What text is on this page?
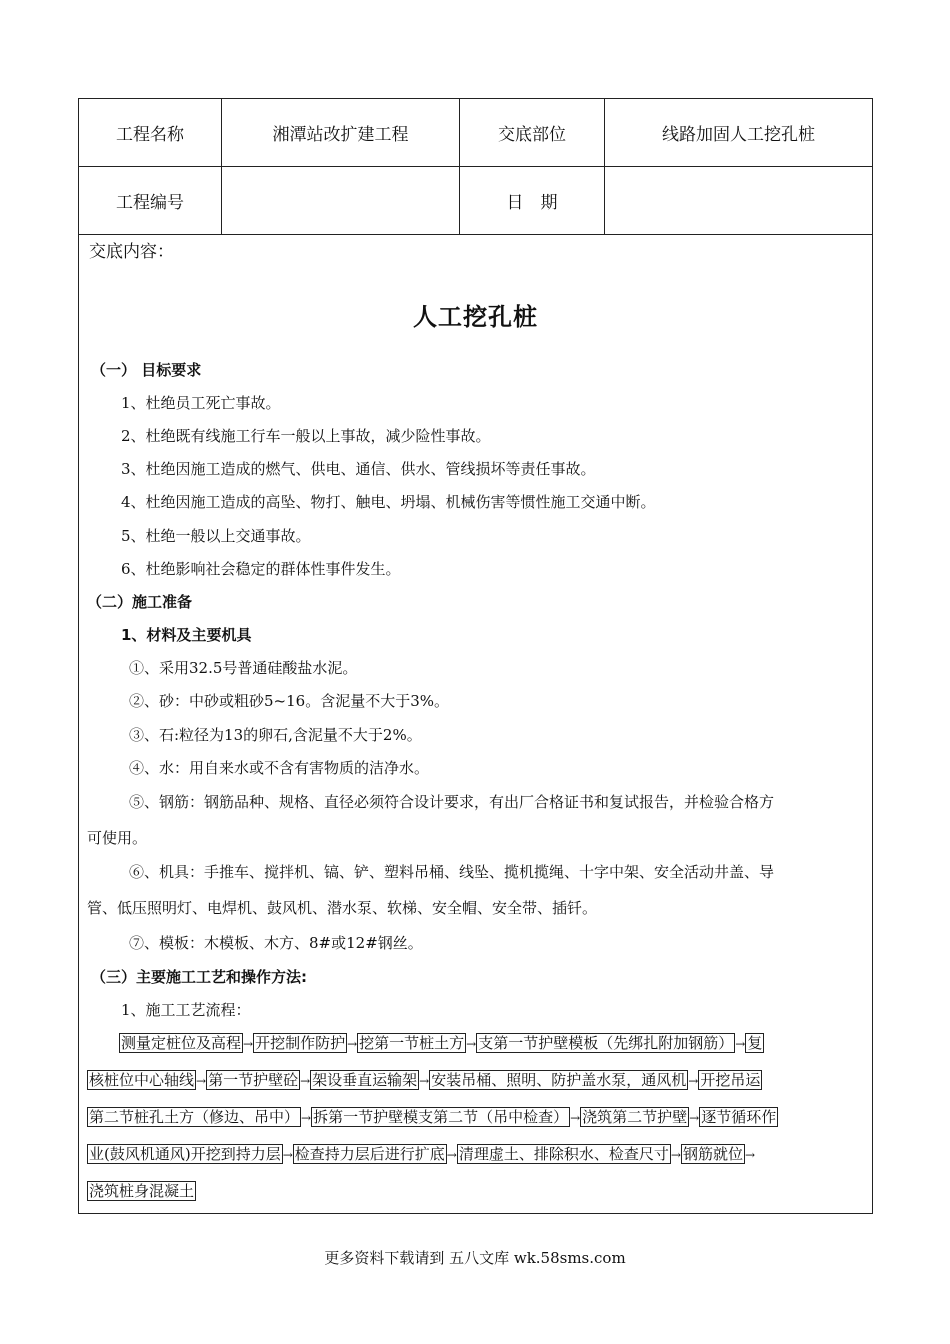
工程名称	湘潭站改扩建工程	交底部位	线路加固人工挖孔桩
工程编号		日　期	
交底内容：
人工挖孔桩
（一） 目标要求
1、杜绝员工死亡事故。
2、杜绝既有线施工行车一般以上事故，减少险性事故。
3、杜绝因施工造成的燃气、供电、通信、供水、管线损坏等责任事故。
4、杜绝因施工造成的高坠、物打、触电、坍塌、机械伤害等惯性施工交通中断。
5、杜绝一般以上交通事故。
6、杜绝影响社会稳定的群体性事件发生。
（二）施工准备
1、材料及主要机具
①、采用32.5号普通硅酸盐水泥。
②、砂：中砂或粗砂5~16。含泥量不大于3%。
③、石:粒径为13的卵石,含泥量不大于2%。
④、水：用自来水或不含有害物质的洁净水。
⑤、钢筋：钢筋品种、规格、直径必须符合设计要求，有出厂合格证书和复试报告，并检验合格方
可使用。
⑥、机具：手推车、搅拌机、镐、铲、塑料吊桶、线坠、揽机揽绳、十字中架、安全活动井盖、导
管、低压照明灯、电焊机、鼓风机、潜水泵、软梯、安全帽、安全带、插钎。
⑦、模板：木模板、木方、8#或12#钢丝。
（三）主要施工工艺和操作方法:
1、施工工艺流程：
测量定桩位及高程 → 开挖制作防护 → 挖第一节桩土方 → 支第一节护壁模板（先绑扎附加钢筋） → 复
核桩位中心轴线 → 第一节护壁砼 → 架设垂直运输架 → 安装吊桶、照明、防护盖水泵，通风机 → 开挖吊运
第二节桩孔土方（修边、吊中） → 拆第一节护壁模支第二节（吊中检查） → 浇筑第二节护壁 → 逐节循环作
业(鼓风机通风)开挖到持力层 → 检查持力层后进行扩底 → 清理虚土、排除积水、检查尺寸 → 钢筋就位 →
浇筑桩身混凝土
更多资料下载请到 五八文库 wk.58sms.com
